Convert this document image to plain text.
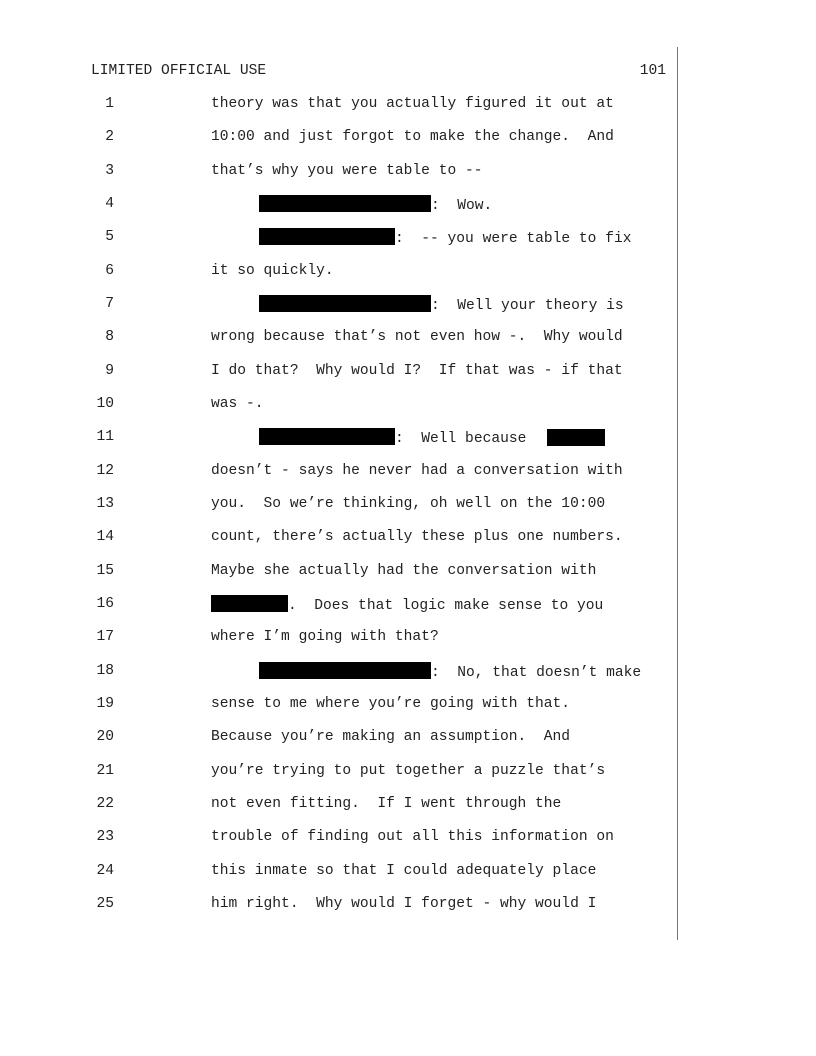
LIMITED OFFICIAL USE	101
1	theory was that you actually figured it out at
2	10:00 and just forgot to make the change.  And
3	that’s why you were table to --
4	:  Wow.
5	:  -- you were table to fix
6	it so quickly.
7	:  Well your theory is
8	wrong because that’s not even how -.  Why would
9	I do that?  Why would I?  If that was - if that
10	was -.
11	:  Well because
12	doesn’t - says he never had a conversation with
13	you.  So we’re thinking, oh well on the 10:00
14	count, there’s actually these plus one numbers.
15	Maybe she actually had the conversation with
16	.  Does that logic make sense to you
17	where I’m going with that?
18	:  No, that doesn’t make
19	sense to me where you’re going with that.
20	Because you’re making an assumption.  And
21	you’re trying to put together a puzzle that’s
22	not even fitting.  If I went through the
23	trouble of finding out all this information on
24	this inmate so that I could adequately place
25	him right.  Why would I forget - why would I
